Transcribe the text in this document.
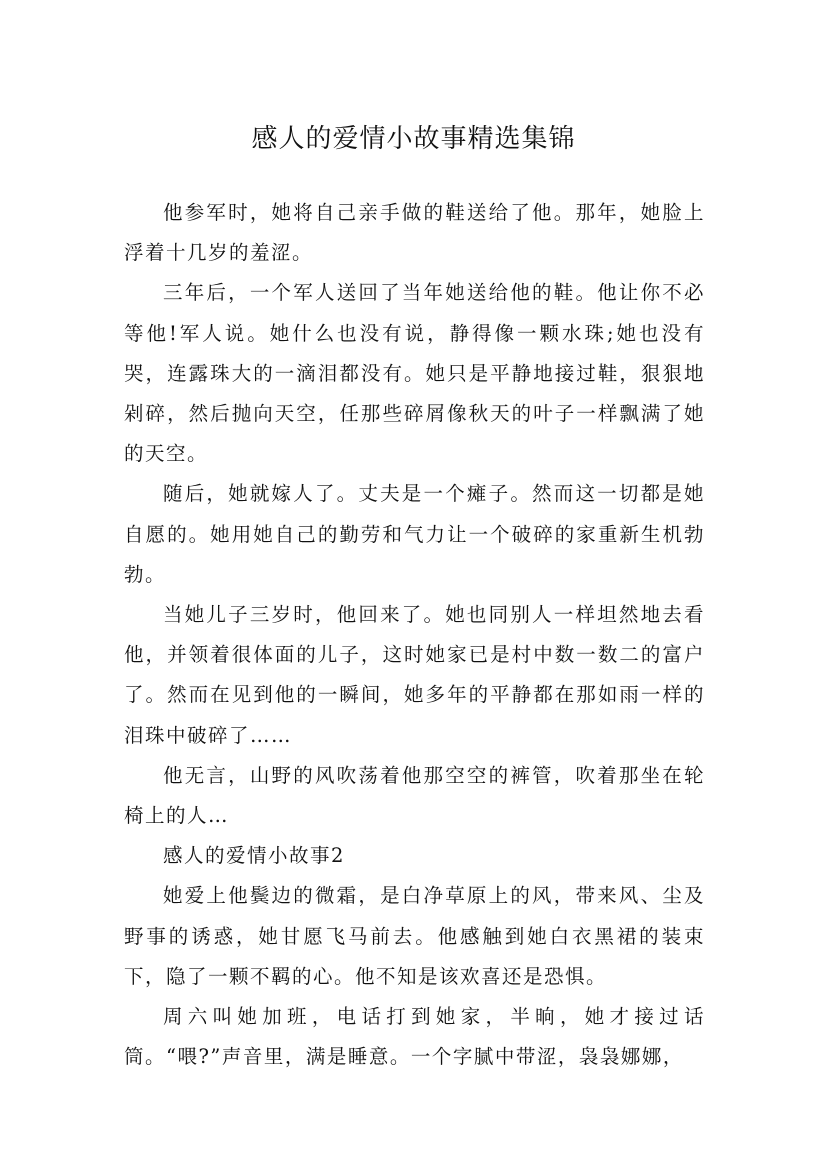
感人的爱情小故事精选集锦

他参军时，她将自己亲手做的鞋送给了他。那年，她脸上浮着十几岁的羞涩。

三年后，一个军人送回了当年她送给他的鞋。他让你不必等他!军人说。她什么也没有说，静得像一颗水珠;她也没有哭，连露珠大的一滴泪都没有。她只是平静地接过鞋，狠狠地剁碎，然后抛向天空，任那些碎屑像秋天的叶子一样飘满了她的天空。

随后，她就嫁人了。丈夫是一个瘫子。然而这一切都是她自愿的。她用她自己的勤劳和气力让一个破碎的家重新生机勃勃。

当她儿子三岁时，他回来了。她也同别人一样坦然地去看他，并领着很体面的儿子，这时她家已是村中数一数二的富户了。然而在见到他的一瞬间，她多年的平静都在那如雨一样的泪珠中破碎了……

他无言，山野的风吹荡着他那空空的裤管，吹着那坐在轮椅上的人…

感人的爱情小故事2

她爱上他鬓边的微霜，是白净草原上的风，带来风、尘及野事的诱惑，她甘愿飞马前去。他感触到她白衣黑裙的装束下，隐了一颗不羁的心。他不知是该欢喜还是恐惧。

周六叫她加班，电话打到她家，半晌，她才接过话筒。“喂?”声音里，满是睡意。一个字腻中带涩，袅袅娜娜，
